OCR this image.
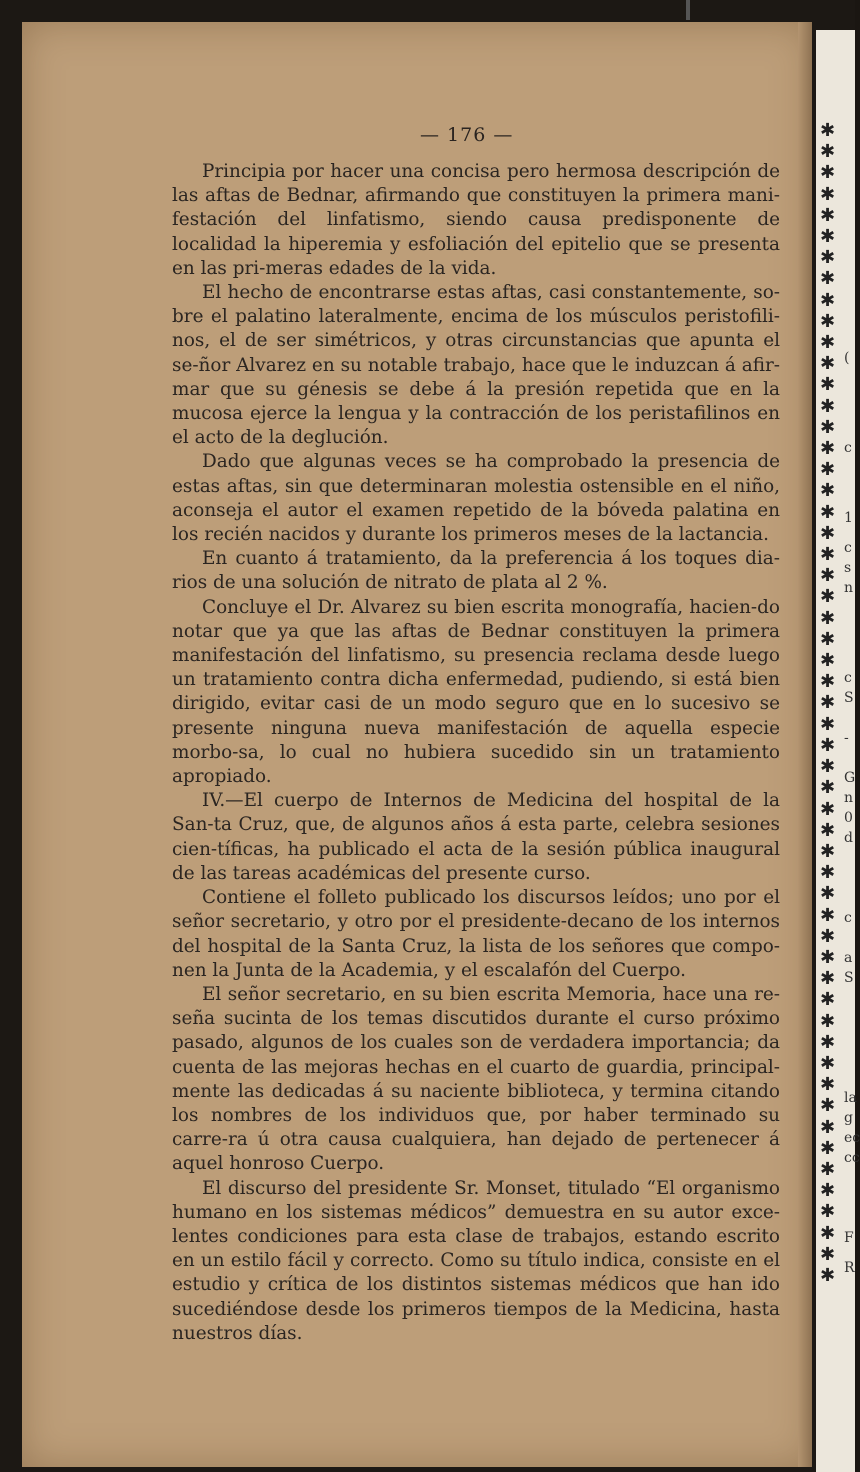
— 176 —

Principia por hacer una concisa pero hermosa descripción de las aftas de Bednar, afirmando que constituyen la primera mani-festación del linfatismo, siendo causa predisponente de localidad la hiperemia y esfoliación del epitelio que se presenta en las pri-meras edades de la vida.

El hecho de encontrarse estas aftas, casi constantemente, so-bre el palatino lateralmente, encima de los músculos peristofili-nos, el de ser simétricos, y otras circunstancias que apunta el se-ñor Alvarez en su notable trabajo, hace que le induzcan á afir-mar que su génesis se debe á la presión repetida que en la mucosa ejerce la lengua y la contracción de los peristafilinos en el acto de la deglución.

Dado que algunas veces se ha comprobado la presencia de estas aftas, sin que determinaran molestia ostensible en el niño, aconseja el autor el examen repetido de la bóveda palatina en los recién nacidos y durante los primeros meses de la lactancia.

En cuanto á tratamiento, da la preferencia á los toques dia-rios de una solución de nitrato de plata al 2 %.

Concluye el Dr. Alvarez su bien escrita monografía, hacien-do notar que ya que las aftas de Bednar constituyen la primera manifestación del linfatismo, su presencia reclama desde luego un tratamiento contra dicha enfermedad, pudiendo, si está bien dirigido, evitar casi de un modo seguro que en lo sucesivo se presente ninguna nueva manifestación de aquella especie morbo-sa, lo cual no hubiera sucedido sin un tratamiento apropiado.

IV.—El cuerpo de Internos de Medicina del hospital de la San-ta Cruz, que, de algunos años á esta parte, celebra sesiones cien-tíficas, ha publicado el acta de la sesión pública inaugural de las tareas académicas del presente curso.

Contiene el folleto publicado los discursos leídos; uno por el señor secretario, y otro por el presidente-decano de los internos del hospital de la Santa Cruz, la lista de los señores que compo-nen la Junta de la Academia, y el escalafón del Cuerpo.

El señor secretario, en su bien escrita Memoria, hace una re-seña sucinta de los temas discutidos durante el curso próximo pasado, algunos de los cuales son de verdadera importancia; da cuenta de las mejoras hechas en el cuarto de guardia, principal-mente las dedicadas á su naciente biblioteca, y termina citando los nombres de los individuos que, por haber terminado su carre-ra ú otra causa cualquiera, han dejado de pertenecer á aquel honroso Cuerpo.

El discurso del presidente Sr. Monset, titulado “El organismo humano en los sistemas médicos” demuestra en su autor exce-lentes condiciones para esta clase de trabajos, estando escrito en un estilo fácil y correcto. Como su título indica, consiste en el estudio y crítica de los distintos sistemas médicos que han ido sucediéndose desde los primeros tiempos de la Medicina, hasta nuestros días.

✱
✱
✱
✱
✱
✱
✱
✱
✱
✱
✱
✱
✱
✱
✱
✱
✱
✱
✱
✱
✱
✱
✱
✱
✱
✱
✱
✱
✱
✱
✱
✱
✱
✱
✱
✱
✱
✱
✱
✱
✱
✱
✱
✱
✱
✱
✱
✱
✱
✱
✱
✱
✱
✱
✱
(
c
1
c
s
n
c
S
-
G
n
0
d
c
a
S
la
g
ec
cc
F
R
